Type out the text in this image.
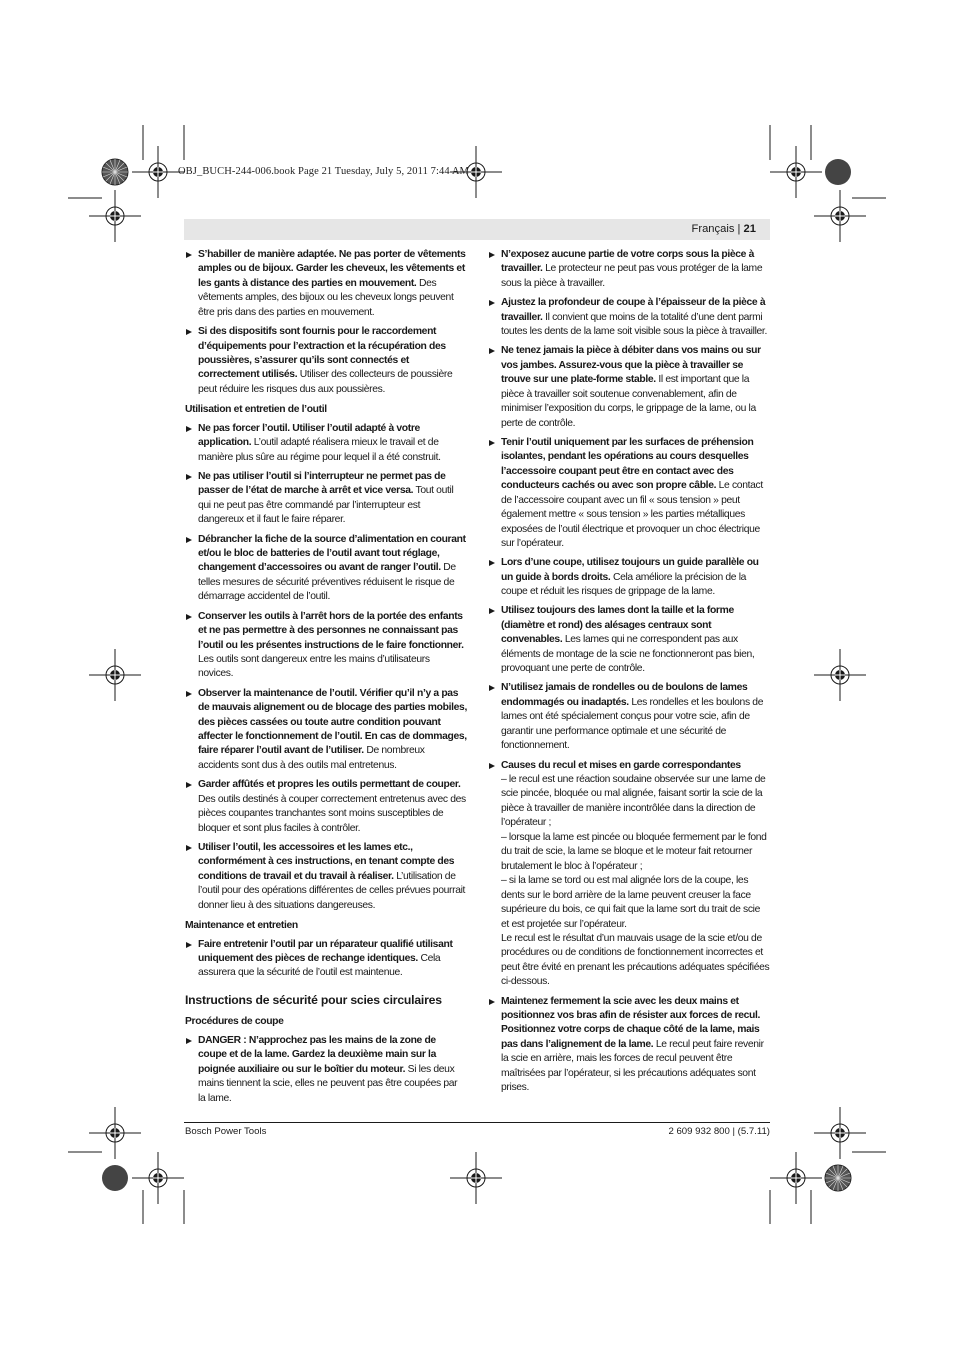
OBJ_BUCH-244-006.book Page 21 Tuesday, July 5, 2011 7:44 AM
Français | 21
S’habiller de manière adaptée. Ne pas porter de vêtements amples ou de bijoux. Garder les cheveux, les vêtements et les gants à distance des parties en mouvement. Des vêtements amples, des bijoux ou les cheveux longs peuvent être pris dans des parties en mouvement.
Si des dispositifs sont fournis pour le raccordement d’équipements pour l’extraction et la récupération des poussières, s’assurer qu’ils sont connectés et correctement utilisés. Utiliser des collecteurs de poussière peut réduire les risques dus aux poussières.
Utilisation et entretien de l’outil
Ne pas forcer l’outil. Utiliser l’outil adapté à votre application. L’outil adapté réalisera mieux le travail et de manière plus sûre au régime pour lequel il a été construit.
Ne pas utiliser l’outil si l’interrupteur ne permet pas de passer de l’état de marche à arrêt et vice versa. Tout outil qui ne peut pas être commandé par l’interrupteur est dangereux et il faut le faire réparer.
Débrancher la fiche de la source d’alimentation en courant et/ou le bloc de batteries de l’outil avant tout réglage, changement d’accessoires ou avant de ranger l’outil. De telles mesures de sécurité préventives réduisent le risque de démarrage accidentel de l’outil.
Conserver les outils à l’arrêt hors de la portée des enfants et ne pas permettre à des personnes ne connaissant pas l’outil ou les présentes instructions de le faire fonctionner. Les outils sont dangereux entre les mains d’utilisateurs novices.
Observer la maintenance de l’outil. Vérifier qu’il n’y a pas de mauvais alignement ou de blocage des parties mobiles, des pièces cassées ou toute autre condition pouvant affecter le fonctionnement de l’outil. En cas de dommages, faire réparer l’outil avant de l’utiliser. De nombreux accidents sont dus à des outils mal entretenus.
Garder affûtés et propres les outils permettant de couper. Des outils destinés à couper correctement entretenus avec des pièces coupantes tranchantes sont moins susceptibles de bloquer et sont plus faciles à contrôler.
Utiliser l’outil, les accessoires et les lames etc., conformément à ces instructions, en tenant compte des conditions de travail et du travail à réaliser. L’utilisation de l’outil pour des opérations différentes de celles prévues pourrait donner lieu à des situations dangereuses.
Maintenance et entretien
Faire entretenir l’outil par un réparateur qualifié utilisant uniquement des pièces de rechange identiques. Cela assurera que la sécurité de l’outil est maintenue.
Instructions de sécurité pour scies circulaires
Procédures de coupe
DANGER : N’approchez pas les mains de la zone de coupe et de la lame. Gardez la deuxième main sur la poignée auxiliaire ou sur le boîtier du moteur. Si les deux mains tiennent la scie, elles ne peuvent pas être coupées par la lame.
N’exposez aucune partie de votre corps sous la pièce à travailler. Le protecteur ne peut pas vous protéger de la lame sous la pièce à travailler.
Ajustez la profondeur de coupe à l’épaisseur de la pièce à travailler. Il convient que moins de la totalité d’une dent parmi toutes les dents de la lame soit visible sous la pièce à travailler.
Ne tenez jamais la pièce à débiter dans vos mains ou sur vos jambes. Assurez-vous que la pièce à travailler se trouve sur une plate-forme stable. Il est important que la pièce à travailler soit soutenue convenablement, afin de minimiser l’exposition du corps, le grippage de la lame, ou la perte de contrôle.
Tenir l’outil uniquement par les surfaces de préhension isolantes, pendant les opérations au cours desquelles l’accessoire coupant peut être en contact avec des conducteurs cachés ou avec son propre câble. Le contact de l’accessoire coupant avec un fil « sous tension » peut également mettre « sous tension » les parties métalliques exposées de l’outil électrique et provoquer un choc électrique sur l’opérateur.
Lors d’une coupe, utilisez toujours un guide parallèle ou un guide à bords droits. Cela améliore la précision de la coupe et réduit les risques de grippage de la lame.
Utilisez toujours des lames dont la taille et la forme (diamètre et rond) des alésages centraux sont convenables. Les lames qui ne correspondent pas aux éléments de montage de la scie ne fonctionneront pas bien, provoquant une perte de contrôle.
N’utilisez jamais de rondelles ou de boulons de lames endommagés ou inadaptés. Les rondelles et les boulons de lames ont été spécialement conçus pour votre scie, afin de garantir une performance optimale et une sécurité de fonctionnement.
Causes du recul et mises en garde correspondantes
– le recul est une réaction soudaine observée sur une lame de scie pincée, bloquée ou mal alignée, faisant sortir la scie de la pièce à travailler de manière incontrôlée dans la direction de l’opérateur ;
– lorsque la lame est pincée ou bloquée fermement par le fond du trait de scie, la lame se bloque et le moteur fait retourner brutalement le bloc à l’opérateur ;
– si la lame se tord ou est mal alignée lors de la coupe, les dents sur le bord arrière de la lame peuvent creuser la face supérieure du bois, ce qui fait que la lame sort du trait de scie et est projetée sur l’opérateur.
Le recul est le résultat d’un mauvais usage de la scie et/ou de procédures ou de conditions de fonctionnement incorrectes et peut être évité en prenant les précautions adéquates spécifiées ci-dessous.
Maintenez fermement la scie avec les deux mains et positionnez vos bras afin de résister aux forces de recul. Positionnez votre corps de chaque côté de la lame, mais pas dans l’alignement de la lame. Le recul peut faire revenir la scie en arrière, mais les forces de recul peuvent être maîtrisées par l’opérateur, si les précautions adéquates sont prises.
Bosch Power Tools	2 609 932 800 | (5.7.11)
